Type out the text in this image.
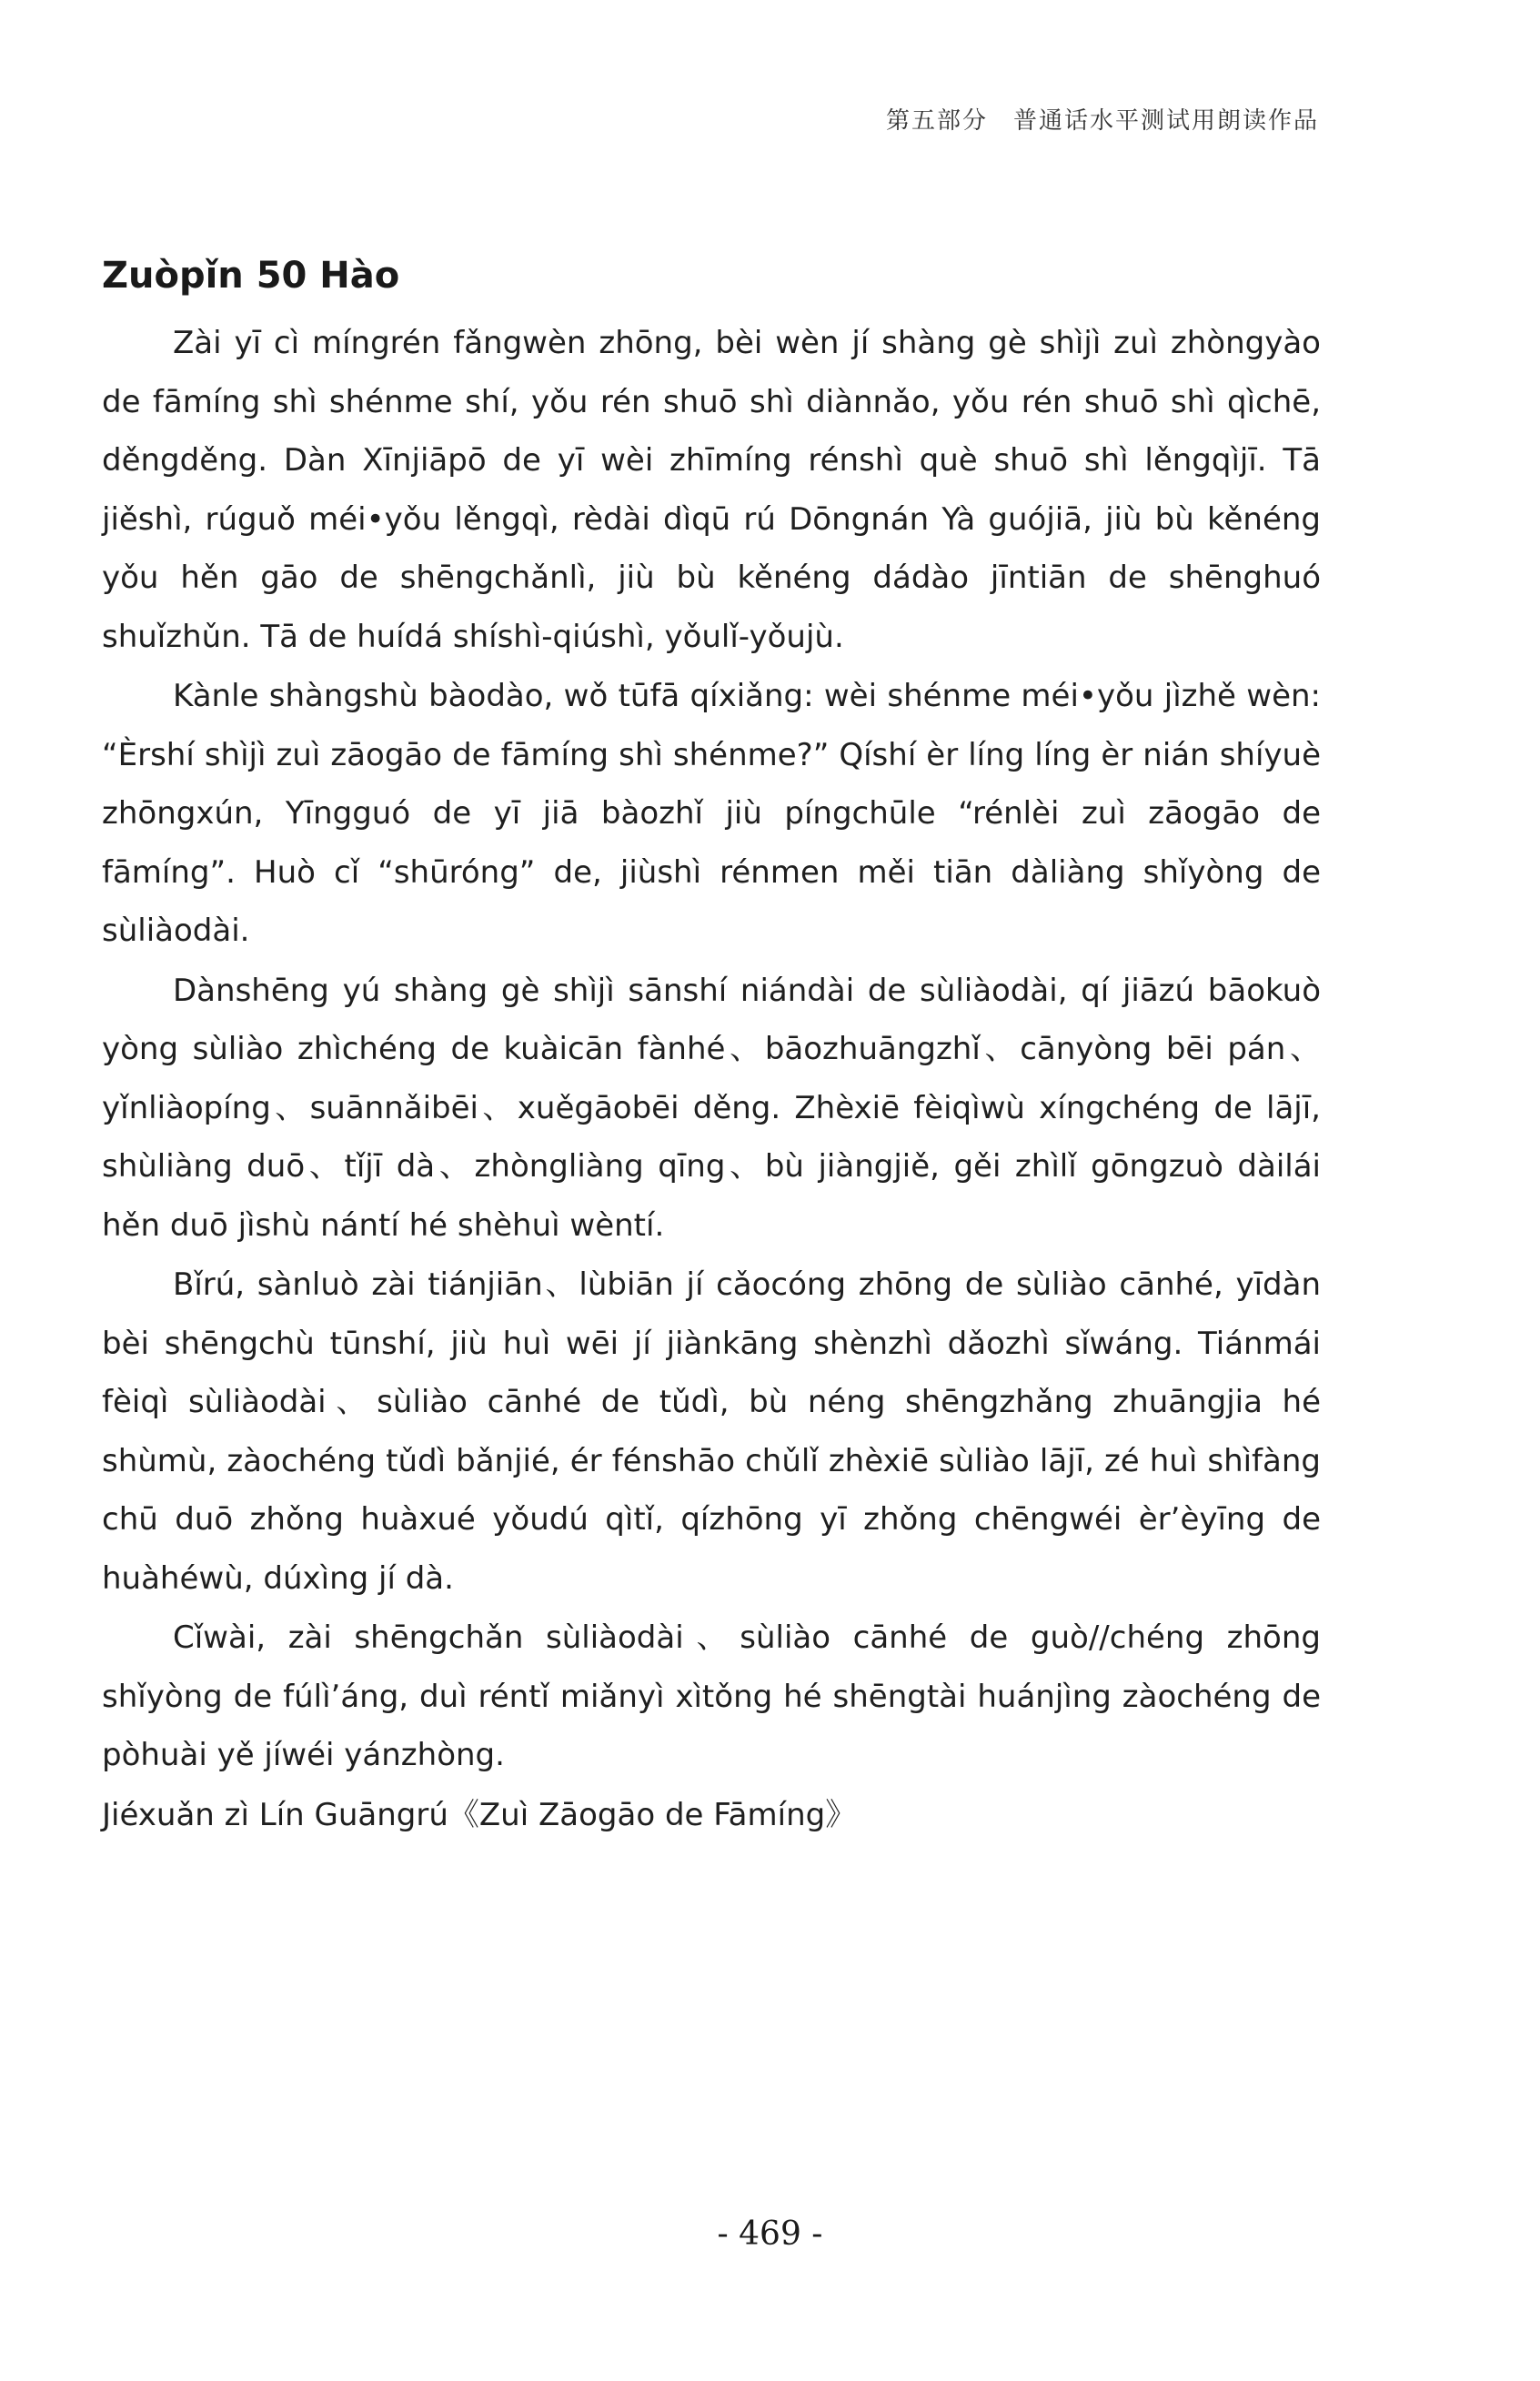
第五部分　普通话水平测试用朗读作品
Zuòpǐn 50 Hào

Zài yī cì míngrén fǎngwèn zhōng, bèi wèn jí shàng gè shìjì zuì zhòngyào de fāmíng shì shénme shí, yǒu rén shuō shì diànnǎo, yǒu rén shuō shì qìchē, děngděng. Dàn Xīnjiāpō de yī wèi zhīmíng rénshì què shuō shì lěngqìjī. Tā jiěshì, rúguǒ méi•yǒu lěngqì, rèdài dìqū rú Dōngnán Yà guójiā, jiù bù kěnéng yǒu hěn gāo de shēngchǎnlì, jiù bù kěnéng dádào jīntiān de shēnghuó shuǐzhǔn. Tā de huídá shíshì-qiúshì, yǒulǐ-yǒujù.

Kànle shàngshù bàodào, wǒ tūfā qíxiǎng: wèi shénme méi•yǒu jìzhě wèn: “Èrshí shìjì zuì zāogāo de fāmíng shì shénme?” Qíshí èr líng líng èr nián shíyuè zhōngxún, Yīngguó de yī jiā bàozhǐ jiù píngchūle “rénlèi zuì zāogāo de fāmíng”. Huò cǐ “shūróng” de, jiùshì rénmen měi tiān dàliàng shǐyòng de sùliàodài.

Dànshēng yú shàng gè shìjì sānshí niándài de sùliàodài, qí jiāzú bāokuò yòng sùliào zhìchéng de kuàicān fànhé、bāozhuāngzhǐ、cānyòng bēi pán、yǐnliàopíng、suānnǎibēi、xuěgāobēi děng. Zhèxiē fèiqìwù xíngchéng de lājī, shùliàng duō、tǐjī dà、zhòngliàng qīng、bù jiàngjiě, gěi zhìlǐ gōngzuò dàilái hěn duō jìshù nántí hé shèhuì wèntí.

Bǐrú, sànluò zài tiánjiān、lùbiān jí cǎocóng zhōng de sùliào cānhé, yīdàn bèi shēngchù tūnshí, jiù huì wēi jí jiànkāng shènzhì dǎozhì sǐwáng. Tiánmái fèiqì sùliàodài、sùliào cānhé de tǔdì, bù néng shēngzhǎng zhuāngjia hé shùmù, zàochéng tǔdì bǎnjié, ér fénshāo chǔlǐ zhèxiē sùliào lājī, zé huì shìfàng chū duō zhǒng huàxué yǒudú qìtǐ, qízhōng yī zhǒng chēngwéi èr’èyīng de huàhéwù, dúxìng jí dà.

Cǐwài, zài shēngchǎn sùliàodài、sùliào cānhé de guò//chéng zhōng shǐyòng de fúlì’áng, duì réntǐ miǎnyì xìtǒng hé shēngtài huánjìng zàochéng de pòhuài yě jíwéi yánzhòng.

Jiéxuǎn zì Lín Guāngrú《Zuì Zāogāo de Fāmíng》

- 469 -
